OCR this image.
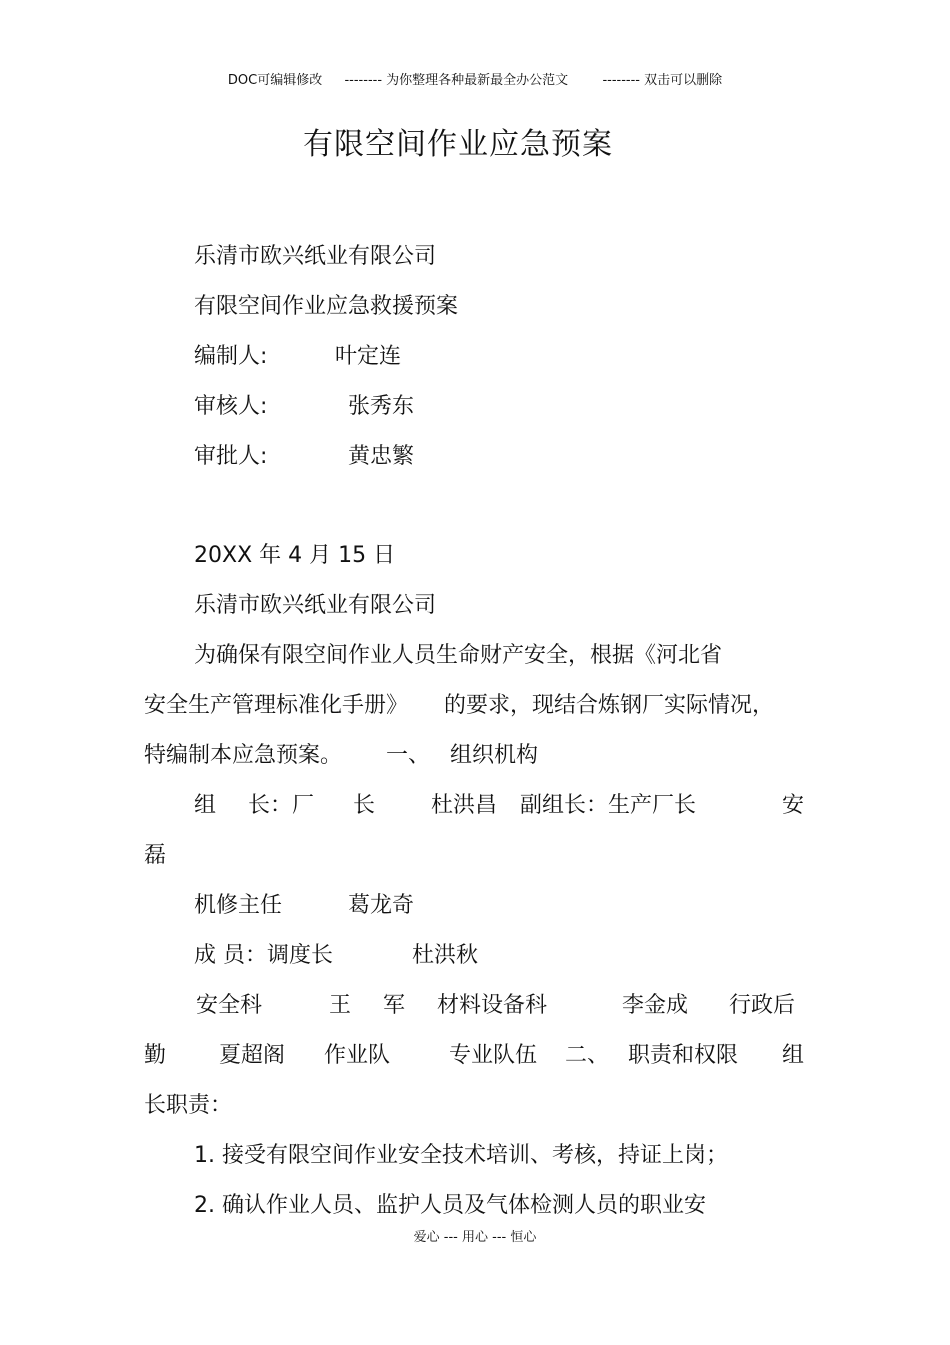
DOC可编辑修改 -------- 为你整理各种最新最全办公范文	-------- 双击可以删除
有限空间作业应急预案
乐清市欧兴纸业有限公司
有限空间作业应急救援预案
编制人:	叶定连
审核人:	张秀东
审批人:	黄忠繁
20XX 年 4 月 15 日
乐清市欧兴纸业有限公司
为确保有限空间作业人员生命财产安全，根据《河北省
安全生产管理标准化手册》 的要求，现结合炼钢厂实际情况，
特编制本应急预案。 一、 组织机构
组 长：厂 长	杜洪昌 副组长：生产厂长	安
磊
机修主任	葛龙奇
成 员：调度长	杜洪秋
安全科	王 军 材料设备科	李金成 行政后
勤 夏超阁 作业队	专业队伍 二、 职责和权限 组
长职责：
1. 接受有限空间作业安全技术培训、考核，持证上岗；
2. 确认作业人员、监护人员及气体检测人员的职业安
爱心 --- 用心 --- 恒心
